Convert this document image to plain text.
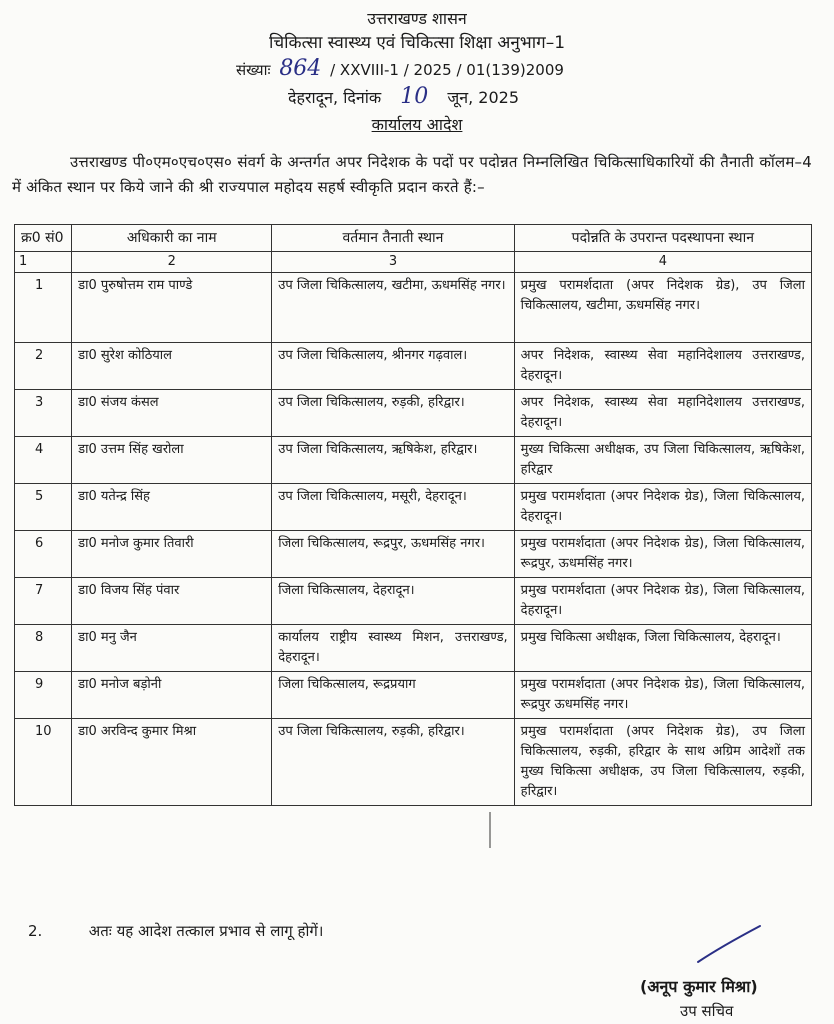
उत्तराखण्ड शासन
चिकित्सा स्वास्थ्य एवं चिकित्सा शिक्षा अनुभाग–1
संख्याः 864 / XXVIII-1 / 2025 / 01(139)2009
देहरादून, दिनांक 10 जून, 2025
कार्यालय आदेश
उत्तराखण्ड पी०एम०एच०एस० संवर्ग के अन्तर्गत अपर निदेशक के पदों पर पदोन्नत निम्नलिखित चिकित्साधिकारियों की तैनाती कॉलम–4 में अंकित स्थान पर किये जाने की श्री राज्यपाल महोदय सहर्ष स्वीकृति प्रदान करते हैं:–
क्र0 सं0	अधिकारी का नाम	वर्तमान तैनाती स्थान	पदोन्नति के उपरान्त पदस्थापना स्थान
1	2	3	4
1	डा0 पुरुषोत्तम राम पाण्डे	उप जिला चिकित्सालय, खटीमा, ऊधमसिंह नगर।	प्रमुख परामर्शदाता (अपर निदेशक ग्रेड), उप जिला चिकित्सालय, खटीमा, ऊधमसिंह नगर।
2	डा0 सुरेश कोठियाल	उप जिला चिकित्सालय, श्रीनगर गढ़वाल।	अपर निदेशक, स्वास्थ्य सेवा महानिदेशालय उत्तराखण्ड, देहरादून।
3	डा0 संजय कंसल	उप जिला चिकित्सालय, रुड़की, हरिद्वार।	अपर निदेशक, स्वास्थ्य सेवा महानिदेशालय उत्तराखण्ड, देहरादून।
4	डा0 उत्तम सिंह खरोला	उप जिला चिकित्सालय, ऋषिकेश, हरिद्वार।	मुख्य चिकित्सा अधीक्षक, उप जिला चिकित्सालय, ऋषिकेश, हरिद्वार
5	डा0 यतेन्द्र सिंह	उप जिला चिकित्सालय, मसूरी, देहरादून।	प्रमुख परामर्शदाता (अपर निदेशक ग्रेड), जिला चिकित्सालय, देहरादून।
6	डा0 मनोज कुमार तिवारी	जिला चिकित्सालय, रूद्रपुर, ऊधमसिंह नगर।	प्रमुख परामर्शदाता (अपर निदेशक ग्रेड), जिला चिकित्सालय, रूद्रपुर, ऊधमसिंह नगर।
7	डा0 विजय सिंह पंवार	जिला चिकित्सालय, देहरादून।	प्रमुख परामर्शदाता (अपर निदेशक ग्रेड), जिला चिकित्सालय, देहरादून।
8	डा0 मनु जैन	कार्यालय राष्ट्रीय स्वास्थ्य मिशन, उत्तराखण्ड, देहरादून।	प्रमुख चिकित्सा अधीक्षक, जिला चिकित्सालय, देहरादून।
9	डा0 मनोज बड़ोनी	जिला चिकित्सालय, रूद्रप्रयाग	प्रमुख परामर्शदाता (अपर निदेशक ग्रेड), जिला चिकित्सालय, रूद्रपुर ऊधमसिंह नगर।
10	डा0 अरविन्द कुमार मिश्रा	उप जिला चिकित्सालय, रुड़की, हरिद्वार।	प्रमुख परामर्शदाता (अपर निदेशक ग्रेड), उप जिला चिकित्सालय, रुड़की, हरिद्वार के साथ अग्रिम आदेशों तक मुख्य चिकित्सा अधीक्षक, उप जिला चिकित्सालय, रुड़की, हरिद्वार।
2.	अतः यह आदेश तत्काल प्रभाव से लागू होगें।
(अनूप कुमार मिश्रा)
उप सचिव
